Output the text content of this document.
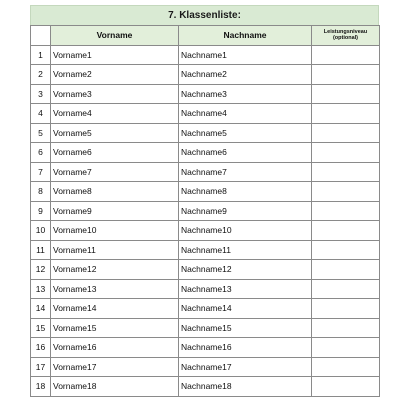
7. Klassenliste:
	Vorname	Nachname	Leistungsniveau
(optional)

1	Vorname1	Nachname1	
2	Vorname2	Nachname2	
3	Vorname3	Nachname3	
4	Vorname4	Nachname4	
5	Vorname5	Nachname5	
6	Vorname6	Nachname6	
7	Vorname7	Nachname7	
8	Vorname8	Nachname8	
9	Vorname9	Nachname9	
10	Vorname10	Nachname10	
11	Vorname11	Nachname11	
12	Vorname12	Nachname12	
13	Vorname13	Nachname13	
14	Vorname14	Nachname14	
15	Vorname15	Nachname15	
16	Vorname16	Nachname16	
17	Vorname17	Nachname17	
18	Vorname18	Nachname18	
